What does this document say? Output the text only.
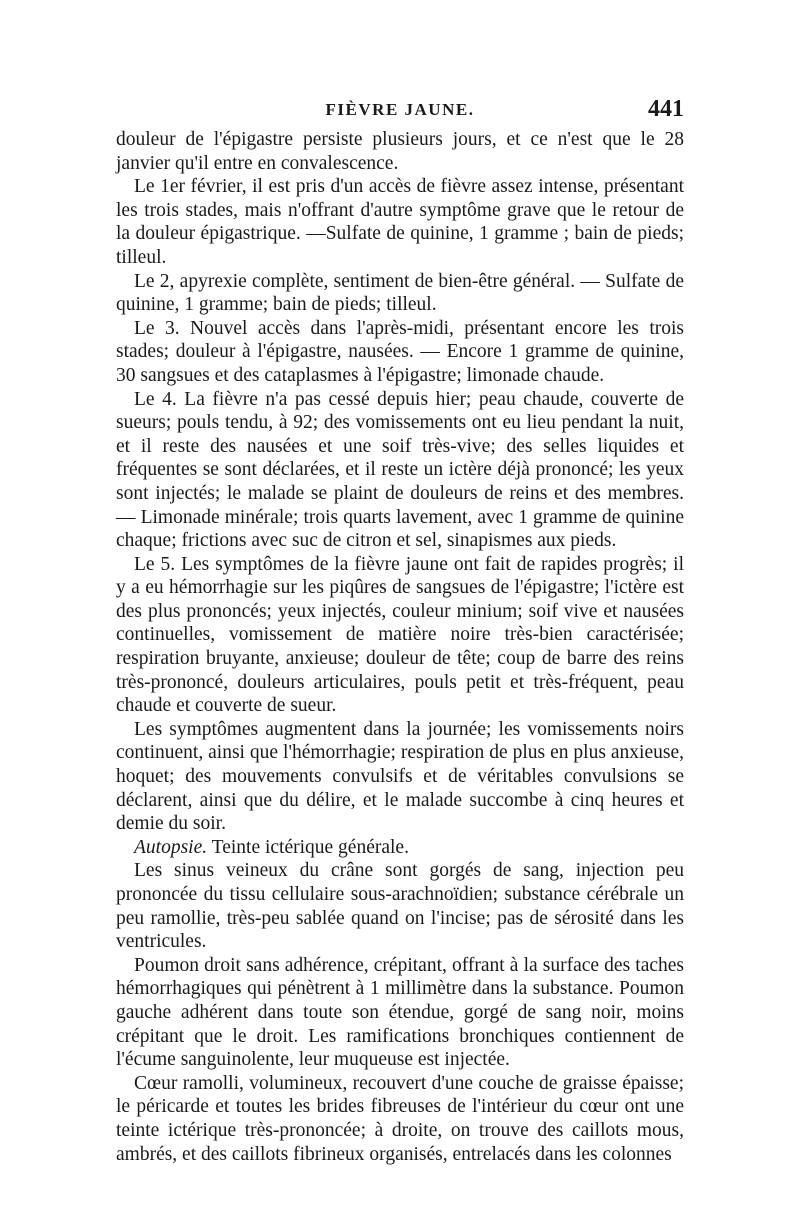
FIÈVRE JAUNE.	441

douleur de l'épigastre persiste plusieurs jours, et ce n'est que le 28 janvier qu'il entre en convalescence.

Le 1er février, il est pris d'un accès de fièvre assez intense, présentant les trois stades, mais n'offrant d'autre symptôme grave que le retour de la douleur épigastrique. —Sulfate de quinine, 1 gramme ; bain de pieds; tilleul.

Le 2, apyrexie complète, sentiment de bien-être général. — Sulfate de quinine, 1 gramme; bain de pieds; tilleul.

Le 3. Nouvel accès dans l'après-midi, présentant encore les trois stades; douleur à l'épigastre, nausées. — Encore 1 gramme de quinine, 30 sangsues et des cataplasmes à l'épigastre; limonade chaude.

Le 4. La fièvre n'a pas cessé depuis hier; peau chaude, couverte de sueurs; pouls tendu, à 92; des vomissements ont eu lieu pendant la nuit, et il reste des nausées et une soif très-vive; des selles liquides et fréquentes se sont déclarées, et il reste un ictère déjà prononcé; les yeux sont injectés; le malade se plaint de douleurs de reins et des membres. — Limonade minérale; trois quarts lavement, avec 1 gramme de quinine chaque; frictions avec suc de citron et sel, sinapismes aux pieds.

Le 5. Les symptômes de la fièvre jaune ont fait de rapides progrès; il y a eu hémorrhagie sur les piqûres de sangsues de l'épigastre; l'ictère est des plus prononcés; yeux injectés, couleur minium; soif vive et nausées continuelles, vomissement de matière noire très-bien caractérisée; respiration bruyante, anxieuse; douleur de tête; coup de barre des reins très-prononcé, douleurs articulaires, pouls petit et très-fréquent, peau chaude et couverte de sueur.

Les symptômes augmentent dans la journée; les vomissements noirs continuent, ainsi que l'hémorrhagie; respiration de plus en plus anxieuse, hoquet; des mouvements convulsifs et de véritables convulsions se déclarent, ainsi que du délire, et le malade succombe à cinq heures et demie du soir.

Autopsie. Teinte ictérique générale.

Les sinus veineux du crâne sont gorgés de sang, injection peu prononcée du tissu cellulaire sous-arachnoïdien; substance cérébrale un peu ramollie, très-peu sablée quand on l'incise; pas de sérosité dans les ventricules.

Poumon droit sans adhérence, crépitant, offrant à la surface des taches hémorrhagiques qui pénètrent à 1 millimètre dans la substance. Poumon gauche adhérent dans toute son étendue, gorgé de sang noir, moins crépitant que le droit. Les ramifications bronchiques contiennent de l'écume sanguinolente, leur muqueuse est injectée.

Cœur ramolli, volumineux, recouvert d'une couche de graisse épaisse; le péricarde et toutes les brides fibreuses de l'intérieur du cœur ont une teinte ictérique très-prononcée; à droite, on trouve des caillots mous, ambrés, et des caillots fibrineux organisés, entrelacés dans les colonnes
